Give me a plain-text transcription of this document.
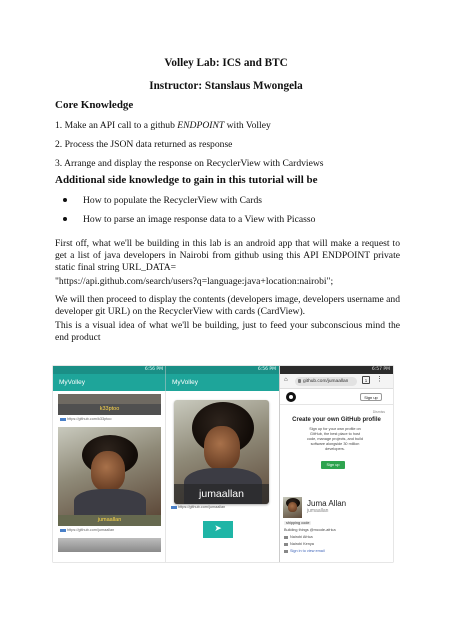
Volley Lab: ICS and BTC
Instructor: Stanslaus Mwongela
Core Knowledge
1. Make an API call to a github ENDPOINT with Volley
2. Process the JSON data returned as response
3. Arrange and display the response on RecyclerView with Cardviews
Additional side knowledge to gain in this tutorial will be
How to populate the RecyclerView with Cards
How to parse an image response data to a View with Picasso
First off, what we'll be building in this lab is an android app that will make a request to get a list of java developers in Nairobi from github using this API ENDPOINT private static final string URL_DATA=
"https://api.github.com/search/users?q=language:java+location:nairobi";
We will then proceed to display the contents (developers image, developers username and developer git URL) on the RecyclerView with cards (CardView).
This is a visual idea of what we'll be building, just to feed your subconscious mind the end product
6:56 PM
MyVolley
k33ptoo
https://github.com/k33ptoo
jumaallan
https://github.com/jumaallan
6:56 PM
MyVolley
jumaallan
https://github.com/jumaallan
➤
6:57 PM
⌂	github.com/jumaallan	1	⋮
Sign up
Dismiss
Create your own GitHub profile
Sign up for your own profile on GitHub, the best place to host code, manage projects, and build software alongside 30 million developers.
Sign up
Juma Allan
jumaallan
shipping code
Building things @mcode-africa
Nairobi Africa
Nairobi Kenya
Sign in to view email
